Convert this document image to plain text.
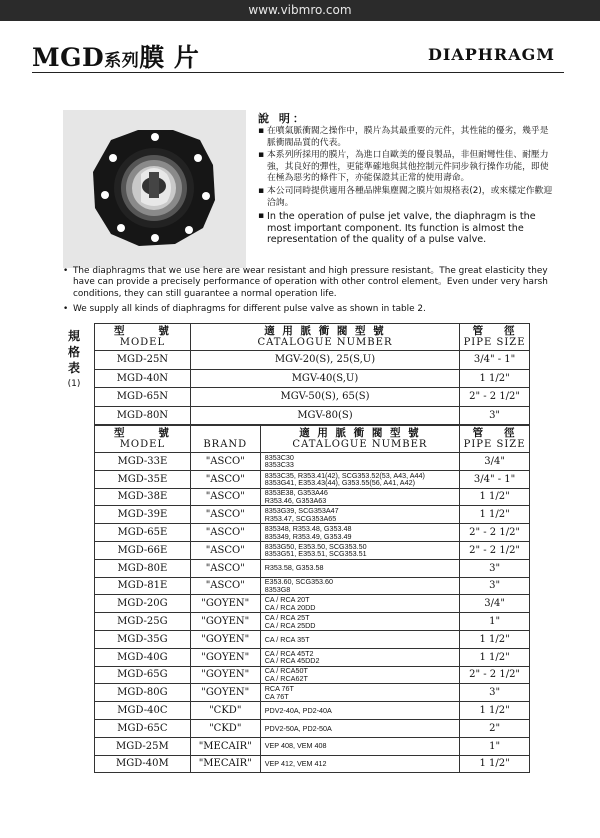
www.vibmro.com
MGD系列膜 片	DIAPHRAGM
說 明：
▪ 在噴氣脈衝閥之操作中，膜片為其最重要的元件，其性能的優劣，幾乎是脈衝閥品質的代表。
▪ 本系列所採用的膜片，為進口自歐美的優良製品，非但耐彎性佳、耐壓力強，其良好的彈性，更能準確地與其他控制元件同步執行操作功能，即使在極為惡劣的條件下，亦能保證其正常的使用壽命。
▪ 本公司同時提供適用各種品牌集塵閥之膜片如規格表(2)，或來樣定作歡迎洽詢。
▪ In the operation of pulse jet valve, the diaphragm is the most important component. Its function is almost the representation of the quality of a pulse valve.
• The diaphragms that we use here are wear resistant and high pressure resistant。The great elasticity they have can provide a precisely performance of operation with other control element。Even under very harsh conditions, they can still guarantee a normal operation life.
• We supply all kinds of diaphragms for different pulse valve as shown in table 2.
規
格
表
(1)
型 號
MODEL	適 用 脈 衝 閥 型 號
CATALOGUE NUMBER	管 徑
PIPE SIZE

MGD-25N	MGV-20(S), 25(S,U)	3/4" - 1"
MGD-40N	MGV-40(S,U)	1 1/2"
MGD-65N	MGV-50(S), 65(S)	2" - 2 1/2"
MGD-80N	MGV-80(S)	3"
型 號
MODEL	BRAND	適 用 脈 衝 閥 型 號
CATALOGUE NUMBER	管 徑
PIPE SIZE

MGD-33E	"ASCO"	8353C30
8353C33	3/4"
MGD-35E	"ASCO"	8353C35, R353.41(42), SCG353.52(53, A43, A44)
8353G41, E353.43(44), G353.55(56, A41, A42)	3/4" - 1"
MGD-38E	"ASCO"	8353E38, G353A46
R353.46, G353A63	1 1/2"
MGD-39E	"ASCO"	8353G39, SCG353A47
R353.47, SCG353A65	1 1/2"
MGD-65E	"ASCO"	835348, R353.48, G353.48
835349, R353.49, G353.49	2" - 2 1/2"
MGD-66E	"ASCO"	8353G50, E353.50, SCG353.50
8353G51, E353.51, SCG353.51	2" - 2 1/2"
MGD-80E	"ASCO"	R353.58, G353.58	3"
MGD-81E	"ASCO"	E353.60, SCG353.60
8353G8	3"
MGD-20G	"GOYEN"	CA / RCA 20T
CA / RCA 20DD	3/4"
MGD-25G	"GOYEN"	CA / RCA 25T
CA / RCA 25DD	1"
MGD-35G	"GOYEN"	CA / RCA 35T	1 1/2"
MGD-40G	"GOYEN"	CA / RCA 45T2
CA / RCA 45DD2	1 1/2"
MGD-65G	"GOYEN"	CA / RCA50T
CA / RCA62T	2" - 2 1/2"
MGD-80G	"GOYEN"	RCA 76T
CA 76T	3"
MGD-40C	"CKD"	PDV2-40A, PD2-40A	1 1/2"
MGD-65C	"CKD"	PDV2-50A, PD2-50A	2"
MGD-25M	"MECAIR"	VEP 408, VEM 408	1"
MGD-40M	"MECAIR"	VEP 412, VEM 412	1 1/2"
